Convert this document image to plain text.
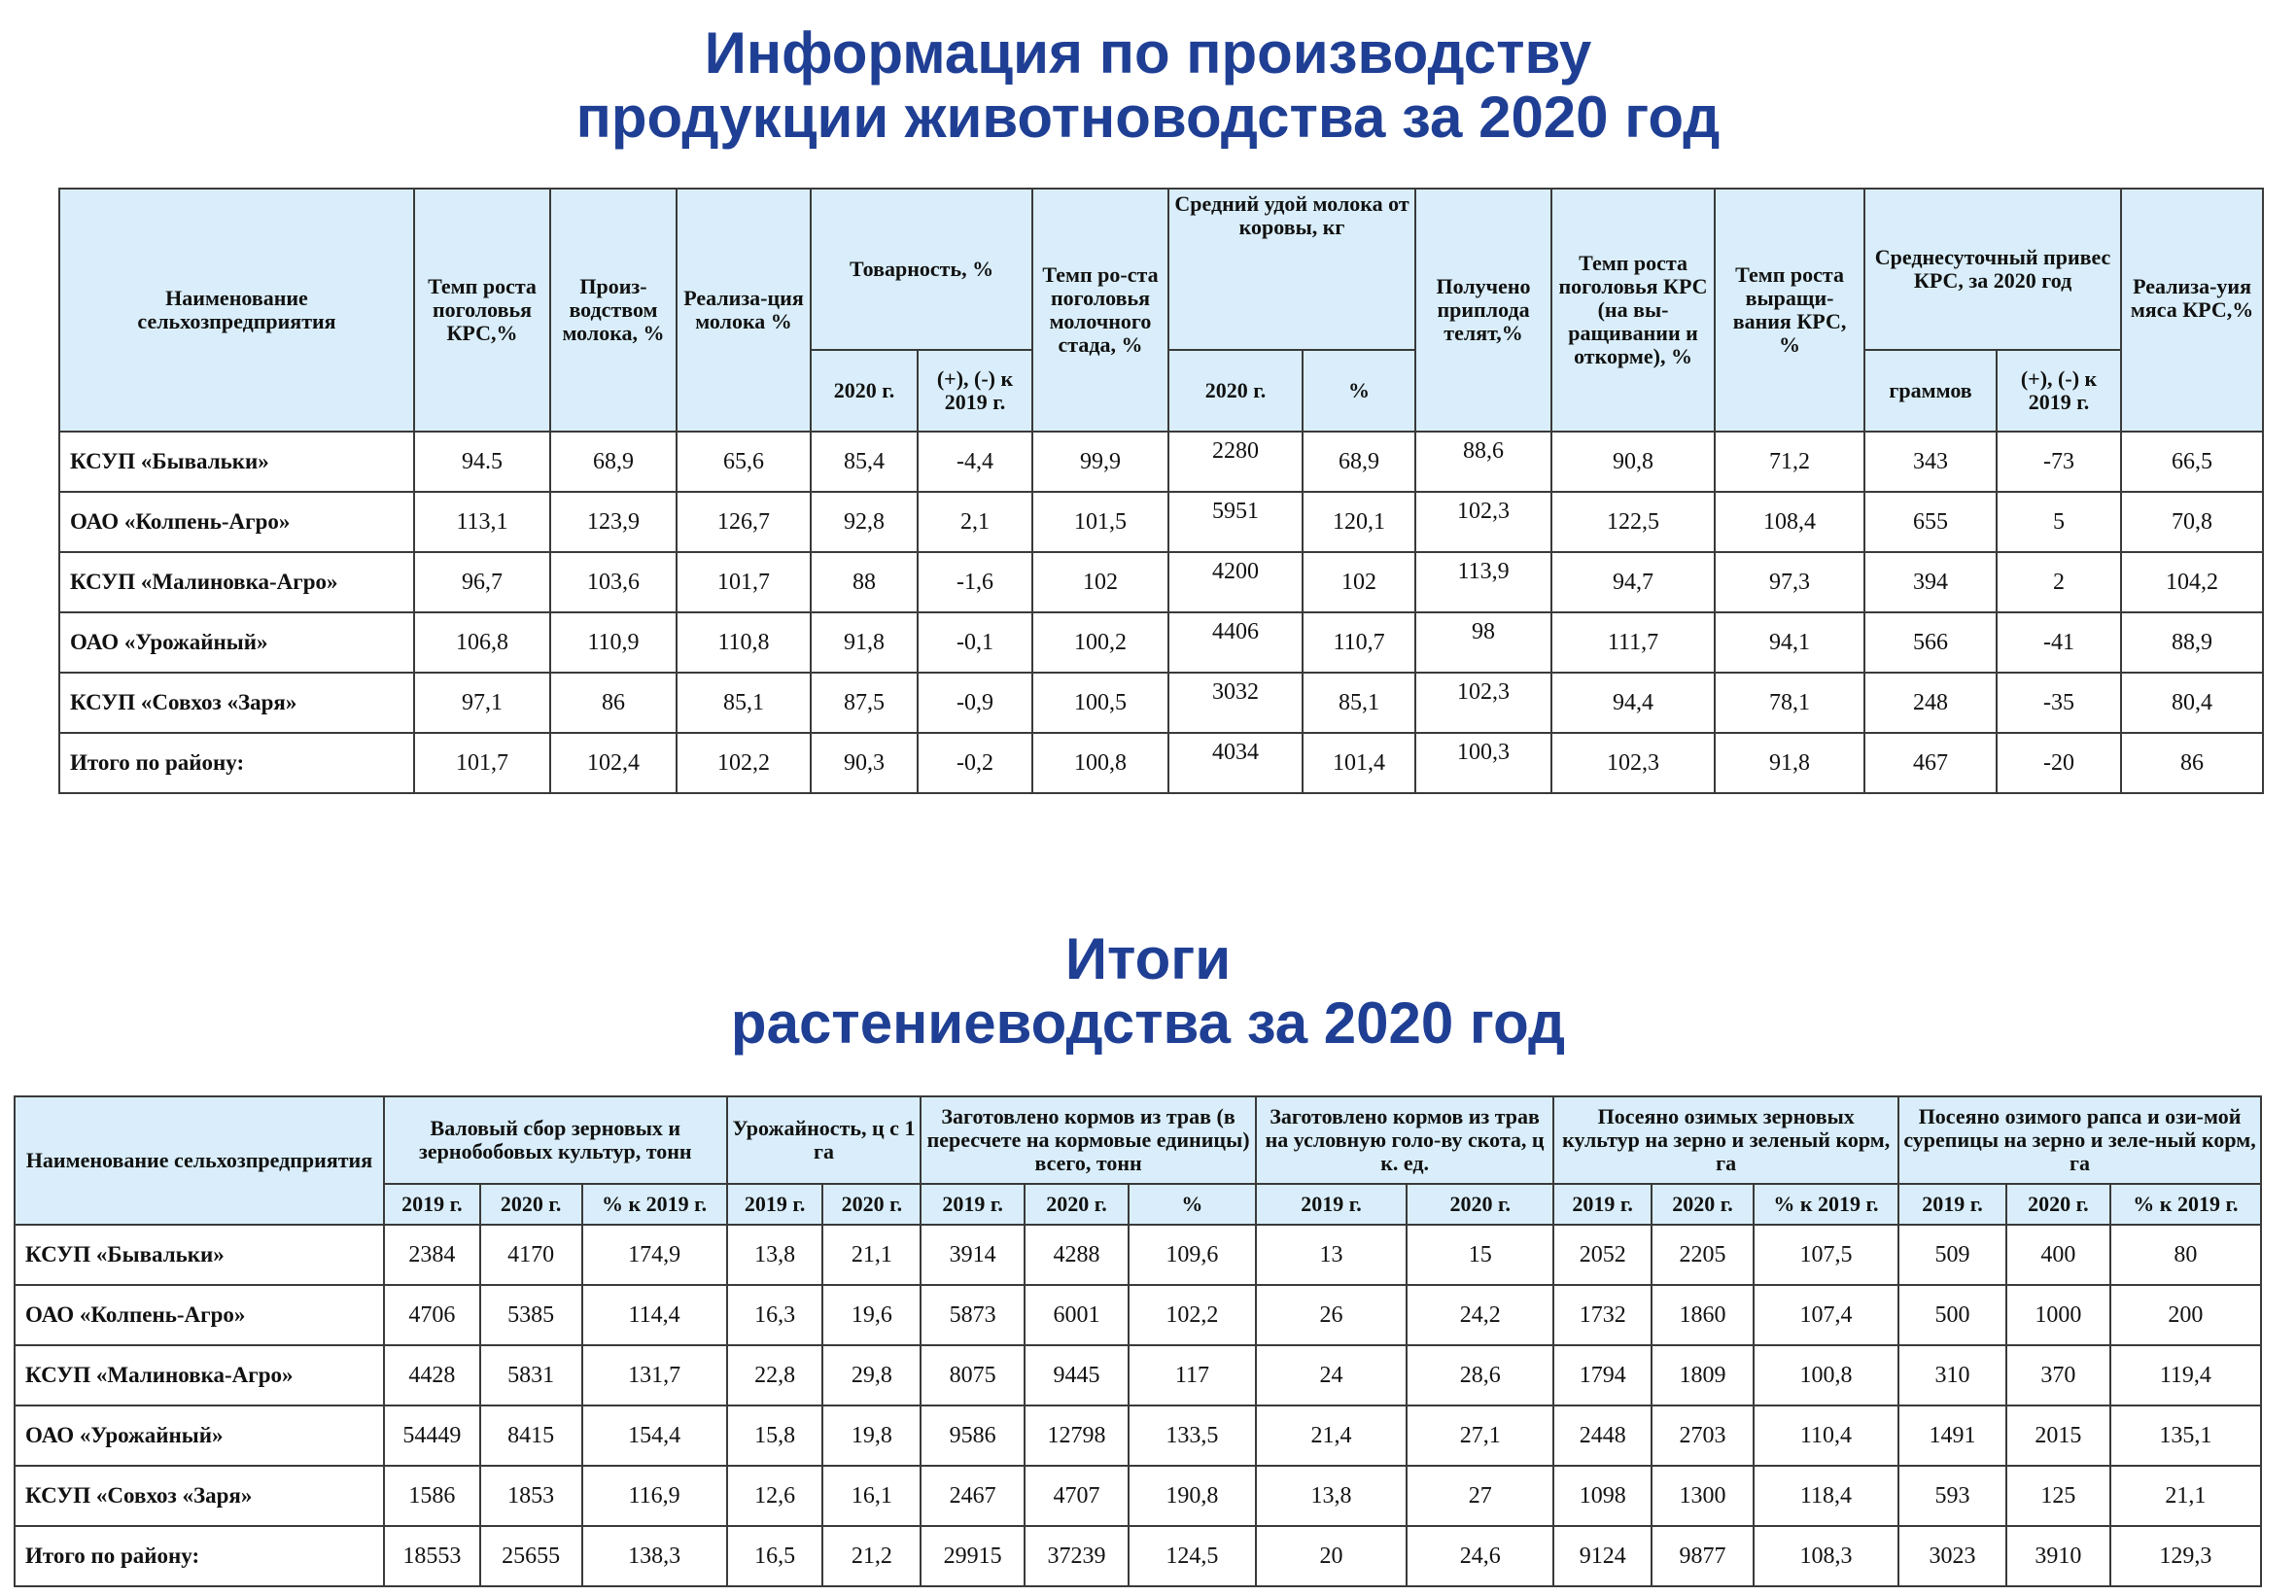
Информация по производству
продукции животноводства за 2020 год
Наименование сельхозпредприятия	Темп роста поголовья КРС,%	Произ-водством молока, %	Реализа-ция молока %	Товарность, %		Темп ро-ста поголовья молочного стада, %	Средний удой молока от коровы, кг		Получено приплода телят,%	Темп роста поголовья КРС (на вы-ращивании и откорме), %	Темп роста выращи-вания КРС, %	Среднесуточный привес КРС, за 2020 год		Реализа-уия мяса КРС,%
				2020 г.	(+), (-) к 2019 г.		2020 г.	%				граммов	(+), (-) к 2019 г.	
КСУП «Бывальки»	94.5	68,9	65,6	85,4	-4,4	99,9	2280	68,9	88,6	90,8	71,2	343	-73	66,5
ОАО «Колпень-Агро»	113,1	123,9	126,7	92,8	2,1	101,5	5951	120,1	102,3	122,5	108,4	655	5	70,8
КСУП «Малиновка-Агро»	96,7	103,6	101,7	88	-1,6	102	4200	102	113,9	94,7	97,3	394	2	104,2
ОАО «Урожайный»	106,8	110,9	110,8	91,8	-0,1	100,2	4406	110,7	98	111,7	94,1	566	-41	88,9
КСУП «Совхоз «Заря»	97,1	86	85,1	87,5	-0,9	100,5	3032	85,1	102,3	94,4	78,1	248	-35	80,4
Итого по району:	101,7	102,4	102,2	90,3	-0,2	100,8	4034	101,4	100,3	102,3	91,8	467	-20	86
Итоги
растениеводства за 2020 год
Наименование сельхозпредприятия	Валовый сбор зерновых и зернобобовых культур, тонн			Урожайность, ц с 1 га		Заготовлено кормов из трав (в пересчете на кормовые единицы) всего, тонн			Заготовлено кормов из трав на условную голо-ву скота, ц к. ед.		Посеяно озимых зерновых культур на зерно и зеленый корм, га			Посеяно озимого рапса и ози-мой сурепицы на зерно и зеле-ный корм, га		
	2019 г.	2020 г.	% к 2019 г.	2019 г.	2020 г.	2019 г.	2020 г.	%	2019 г.	2020 г.	2019 г.	2020 г.	% к 2019 г.	2019 г.	2020 г.	% к 2019 г.
КСУП «Бывальки»	2384	4170	174,9	13,8	21,1	3914	4288	109,6	13	15	2052	2205	107,5	509	400	80
ОАО «Колпень-Агро»	4706	5385	114,4	16,3	19,6	5873	6001	102,2	26	24,2	1732	1860	107,4	500	1000	200
КСУП «Малиновка-Агро»	4428	5831	131,7	22,8	29,8	8075	9445	117	24	28,6	1794	1809	100,8	310	370	119,4
ОАО «Урожайный»	54449	8415	154,4	15,8	19,8	9586	12798	133,5	21,4	27,1	2448	2703	110,4	1491	2015	135,1
КСУП «Совхоз «Заря»	1586	1853	116,9	12,6	16,1	2467	4707	190,8	13,8	27	1098	1300	118,4	593	125	21,1
Итого по району:	18553	25655	138,3	16,5	21,2	29915	37239	124,5	20	24,6	9124	9877	108,3	3023	3910	129,3
